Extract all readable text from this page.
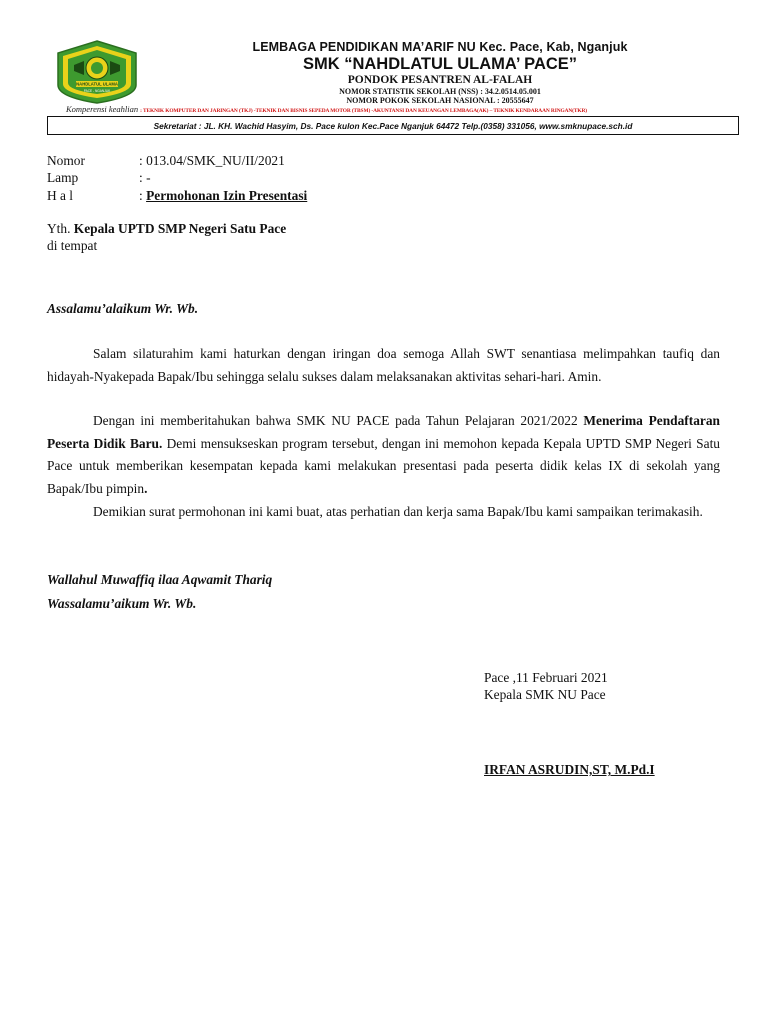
NAHDLATUL ULAMA
PACE - NGANJUK
LEMBAGA PENDIDIKAN MA’ARIF NU Kec. Pace, Kab, Nganjuk
SMK “NAHDLATUL ULAMA’ PACE”
PONDOK PESANTREN AL-FALAH
NOMOR STATISTIK SEKOLAH (NSS) : 34.2.0514.05.001
NOMOR POKOK SEKOLAH NASIONAL : 20555647
Komperensi keahlian : TEKNIK KOMPUTER DAN JARINGAN (TKJ) -TEKNIK DAN BISNIS SEPEDA MOTOR (TBSM) -AKUNTANSI DAN KEUANGAN LEMBAGA(AK) – TEKNIK KENDARAAN RINGAN(TKR)
Sekretariat : JL. KH. Wachid Hasyim, Ds. Pace kulon Kec.Pace Nganjuk 64472 Telp.(0358) 331056, www.smknupace.sch.id
Nomor	: 013.04/SMK_NU/II/2021
Lamp	: -
H a l	: Permohonan Izin Presentasi
Yth. Kepala UPTD SMP Negeri Satu Pace
di tempat
Assalamu’alaikum Wr. Wb.
Salam silaturahim kami haturkan dengan iringan doa semoga Allah SWT senantiasa melimpahkan taufiq dan hidayah-Nyakepada Bapak/Ibu sehingga selalu sukses dalam melaksanakan aktivitas sehari-hari. Amin.
Dengan ini memberitahukan bahwa SMK NU PACE pada Tahun Pelajaran 2021/2022 Menerima Pendaftaran Peserta Didik Baru. Demi mensukseskan program tersebut, dengan ini memohon kepada Kepala UPTD SMP Negeri Satu Pace untuk memberikan kesempatan kepada kami melakukan presentasi pada peserta didik kelas IX di sekolah yang Bapak/Ibu pimpin.
Demikian surat permohonan ini kami buat, atas perhatian dan kerja sama Bapak/Ibu kami sampaikan terimakasih.
Wallahul Muwaffiq ilaa Aqwamit Thariq
Wassalamu’aikum Wr. Wb.
Pace ,11 Februari 2021
Kepala SMK NU Pace
IRFAN ASRUDIN,ST, M.Pd.I
